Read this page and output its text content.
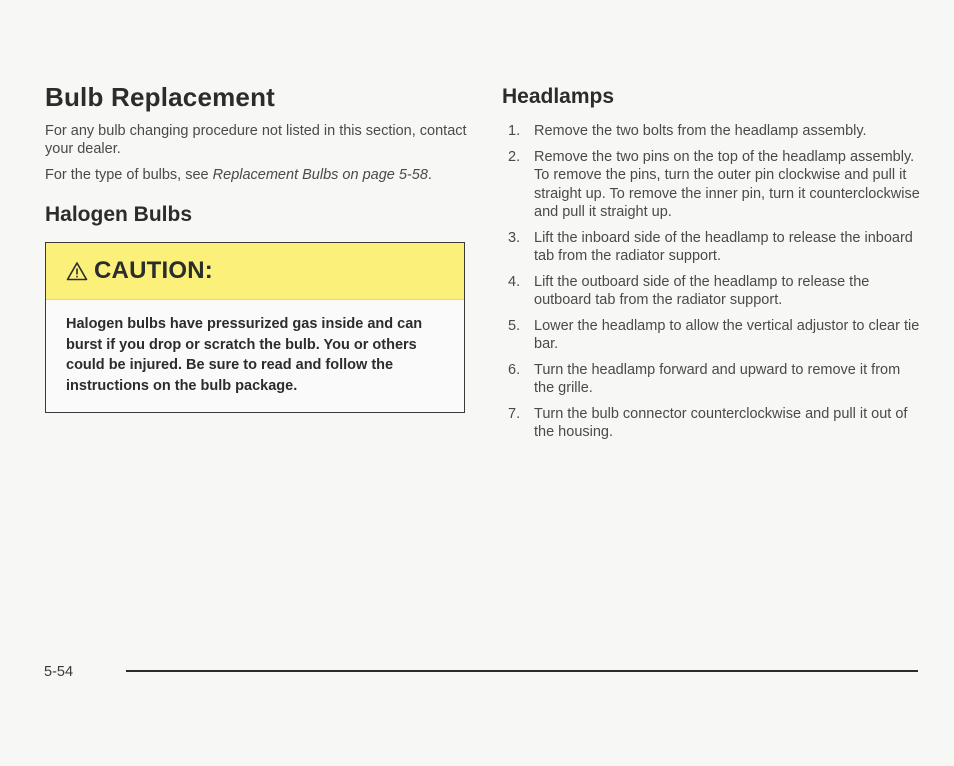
Bulb Replacement

For any bulb changing procedure not listed in this section, contact your dealer.

For the type of bulbs, see Replacement Bulbs on page 5-58.

Halogen Bulbs
CAUTION:
Halogen bulbs have pressurized gas inside and can burst if you drop or scratch the bulb. You or others could be injured. Be sure to read and follow the instructions on the bulb package.
Headlamps
1. Remove the two bolts from the headlamp assembly.
2. Remove the two pins on the top of the headlamp assembly. To remove the pins, turn the outer pin clockwise and pull it straight up. To remove the inner pin, turn it counterclockwise and pull it straight up.
3. Lift the inboard side of the headlamp to release the inboard tab from the radiator support.
4. Lift the outboard side of the headlamp to release the outboard tab from the radiator support.
5. Lower the headlamp to allow the vertical adjustor to clear tie bar.
6. Turn the headlamp forward and upward to remove it from the grille.
7. Turn the bulb connector counterclockwise and pull it out of the housing.
5-54
